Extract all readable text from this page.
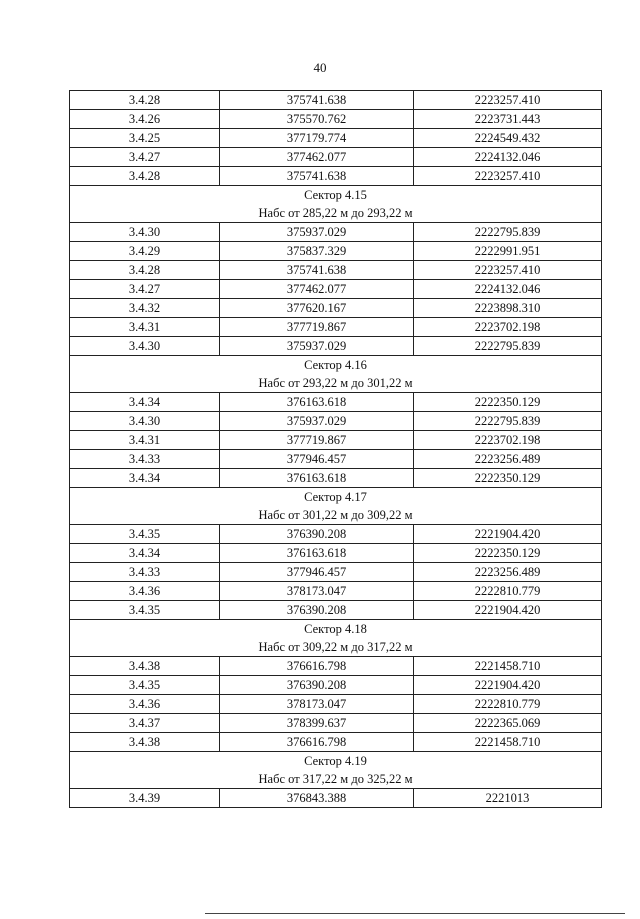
40
3.4.28	375741.638	2223257.410
3.4.26	375570.762	2223731.443
3.4.25	377179.774	2224549.432
3.4.27	377462.077	2224132.046
3.4.28	375741.638	2223257.410
Сектор 4.15		
Набс от 285,22 м до 293,22 м		
3.4.30	375937.029	2222795.839
3.4.29	375837.329	2222991.951
3.4.28	375741.638	2223257.410
3.4.27	377462.077	2224132.046
3.4.32	377620.167	2223898.310
3.4.31	377719.867	2223702.198
3.4.30	375937.029	2222795.839
Сектор 4.16		
Набс от 293,22 м до 301,22 м		
3.4.34	376163.618	2222350.129
3.4.30	375937.029	2222795.839
3.4.31	377719.867	2223702.198
3.4.33	377946.457	2223256.489
3.4.34	376163.618	2222350.129
Сектор 4.17		
Набс от 301,22 м до 309,22 м		
3.4.35	376390.208	2221904.420
3.4.34	376163.618	2222350.129
3.4.33	377946.457	2223256.489
3.4.36	378173.047	2222810.779
3.4.35	376390.208	2221904.420
Сектор 4.18		
Набс от 309,22 м до 317,22 м		
3.4.38	376616.798	2221458.710
3.4.35	376390.208	2221904.420
3.4.36	378173.047	2222810.779
3.4.37	378399.637	2222365.069
3.4.38	376616.798	2221458.710
Сектор 4.19		
Набс от 317,22 м до 325,22 м		
3.4.39	376843.388	2221013
